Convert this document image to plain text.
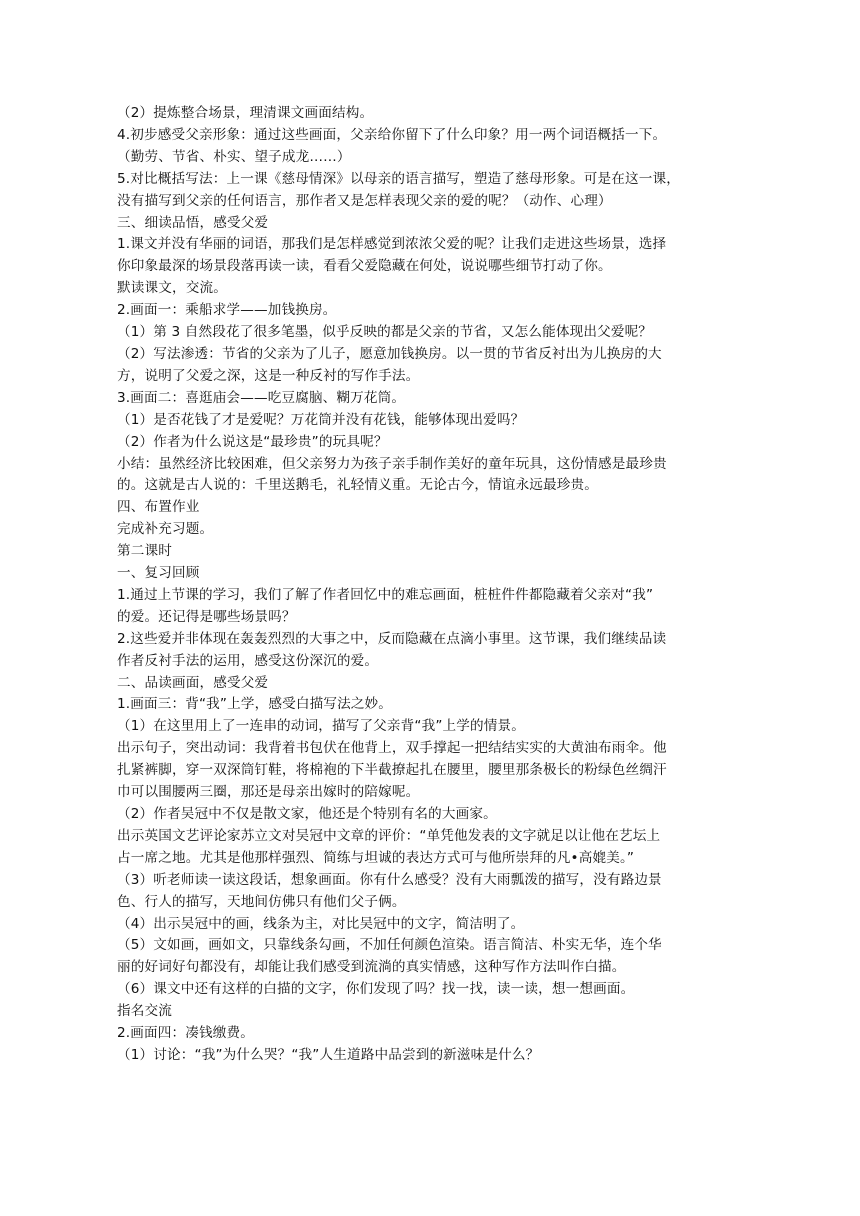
（2）提炼整合场景，理清课文画面结构。

4.初步感受父亲形象：通过这些画面，父亲给你留下了什么印象？用一两个词语概括一下。

（勤劳、节省、朴实、望子成龙……）

5.对比概括写法：上一课《慈母情深》以母亲的语言描写，塑造了慈母形象。可是在这一课，

没有描写到父亲的任何语言，那作者又是怎样表现父亲的爱的呢？（动作、心理）

三、细读品悟，感受父爱

1.课文并没有华丽的词语，那我们是怎样感觉到浓浓父爱的呢？让我们走进这些场景，选择

你印象最深的场景段落再读一读，看看父爱隐藏在何处，说说哪些细节打动了你。

默读课文，交流。

2.画面一：乘船求学——加钱换房。

（1）第 3 自然段花了很多笔墨，似乎反映的都是父亲的节省，又怎么能体现出父爱呢？

（2）写法渗透：节省的父亲为了儿子，愿意加钱换房。以一贯的节省反衬出为儿换房的大

方，说明了父爱之深，这是一种反衬的写作手法。

3.画面二：喜逛庙会——吃豆腐脑、糊万花筒。

（1）是否花钱了才是爱呢？万花筒并没有花钱，能够体现出爱吗？

（2）作者为什么说这是“最珍贵”的玩具呢？

小结：虽然经济比较困难，但父亲努力为孩子亲手制作美好的童年玩具，这份情感是最珍贵

的。这就是古人说的：千里送鹅毛，礼轻情义重。无论古今，情谊永远最珍贵。

四、布置作业

完成补充习题。

第二课时

一、复习回顾

1.通过上节课的学习，我们了解了作者回忆中的难忘画面，桩桩件件都隐藏着父亲对“我”

的爱。还记得是哪些场景吗？

2.这些爱并非体现在轰轰烈烈的大事之中，反而隐藏在点滴小事里。这节课，我们继续品读

作者反衬手法的运用，感受这份深沉的爱。

二、品读画面，感受父爱

1.画面三：背“我”上学，感受白描写法之妙。

（1）在这里用上了一连串的动词，描写了父亲背“我”上学的情景。

出示句子，突出动词：我背着书包伏在他背上，双手撑起一把结结实实的大黄油布雨伞。他

扎紧裤脚，穿一双深筒钉鞋，将棉袍的下半截撩起扎在腰里，腰里那条极长的粉绿色丝绸汗

巾可以围腰两三圈，那还是母亲出嫁时的陪嫁呢。

（2）作者吴冠中不仅是散文家，他还是个特别有名的大画家。

出示英国文艺评论家苏立文对吴冠中文章的评价：“单凭他发表的文字就足以让他在艺坛上

占一席之地。尤其是他那样强烈、简练与坦诚的表达方式可与他所崇拜的凡•高媲美。”

（3）听老师读一读这段话，想象画面。你有什么感受？没有大雨瓢泼的描写，没有路边景

色、行人的描写，天地间仿佛只有他们父子俩。

（4）出示吴冠中的画，线条为主，对比吴冠中的文字，简洁明了。

（5）文如画，画如文，只靠线条勾画，不加任何颜色渲染。语言简洁、朴实无华，连个华

丽的好词好句都没有，却能让我们感受到流淌的真实情感，这种写作方法叫作白描。

（6）课文中还有这样的白描的文字，你们发现了吗？找一找，读一读，想一想画面。

指名交流

2.画面四：凑钱缴费。

（1）讨论：“我”为什么哭？“我”人生道路中品尝到的新滋味是什么？
